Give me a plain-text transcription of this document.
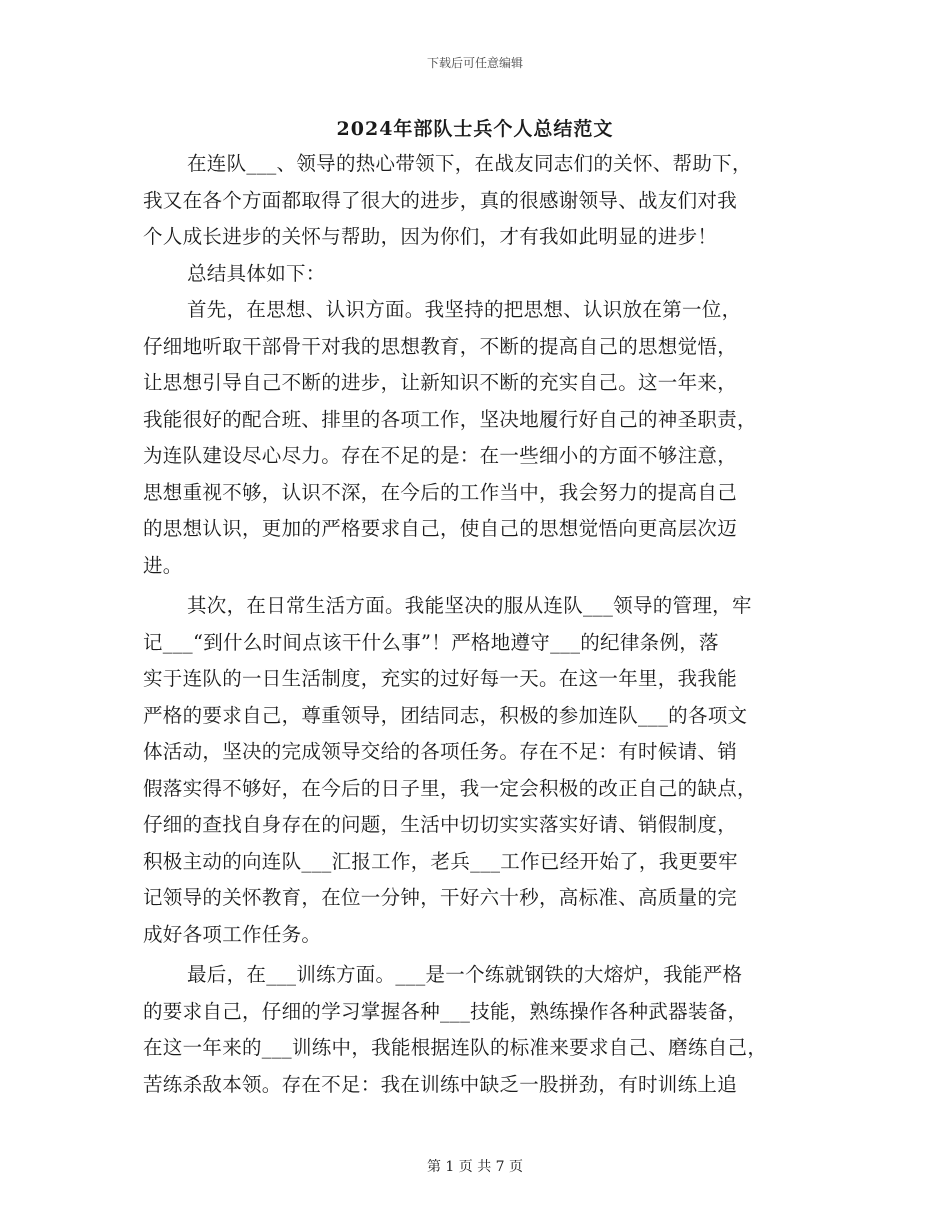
下载后可任意编辑
2024年部队士兵个人总结范文
在连队___、领导的热心带领下，在战友同志们的关怀、帮助下，
我又在各个方面都取得了很大的进步，真的很感谢领导、战友们对我
个人成长进步的关怀与帮助，因为你们，才有我如此明显的进步！
总结具体如下：
首先，在思想、认识方面。我坚持的把思想、认识放在第一位，
仔细地听取干部骨干对我的思想教育，不断的提高自己的思想觉悟，
让思想引导自己不断的进步，让新知识不断的充实自己。这一年来，
我能很好的配合班、排里的各项工作，坚决地履行好自己的神圣职责，
为连队建设尽心尽力。存在不足的是：在一些细小的方面不够注意，
思想重视不够，认识不深，在今后的工作当中，我会努力的提高自己
的思想认识，更加的严格要求自己，使自己的思想觉悟向更高层次迈
进。
其次，在日常生活方面。我能坚决的服从连队___领导的管理，牢
记___“到什么时间点该干什么事”！严格地遵守___的纪律条例，落
实于连队的一日生活制度，充实的过好每一天。在这一年里，我我能
严格的要求自己，尊重领导，团结同志，积极的参加连队___的各项文
体活动，坚决的完成领导交给的各项任务。存在不足：有时候请、销
假落实得不够好，在今后的日子里，我一定会积极的改正自己的缺点，
仔细的查找自身存在的问题，生活中切切实实落实好请、销假制度，
积极主动的向连队___汇报工作，老兵___工作已经开始了，我更要牢
记领导的关怀教育，在位一分钟，干好六十秒，高标准、高质量的完
成好各项工作任务。
最后，在___训练方面。___是一个练就钢铁的大熔炉，我能严格
的要求自己，仔细的学习掌握各种___技能，熟练操作各种武器装备，
在这一年来的___训练中，我能根据连队的标准来要求自己、磨练自己，
苦练杀敌本领。存在不足：我在训练中缺乏一股拼劲，有时训练上追
第 1 页 共 7 页
